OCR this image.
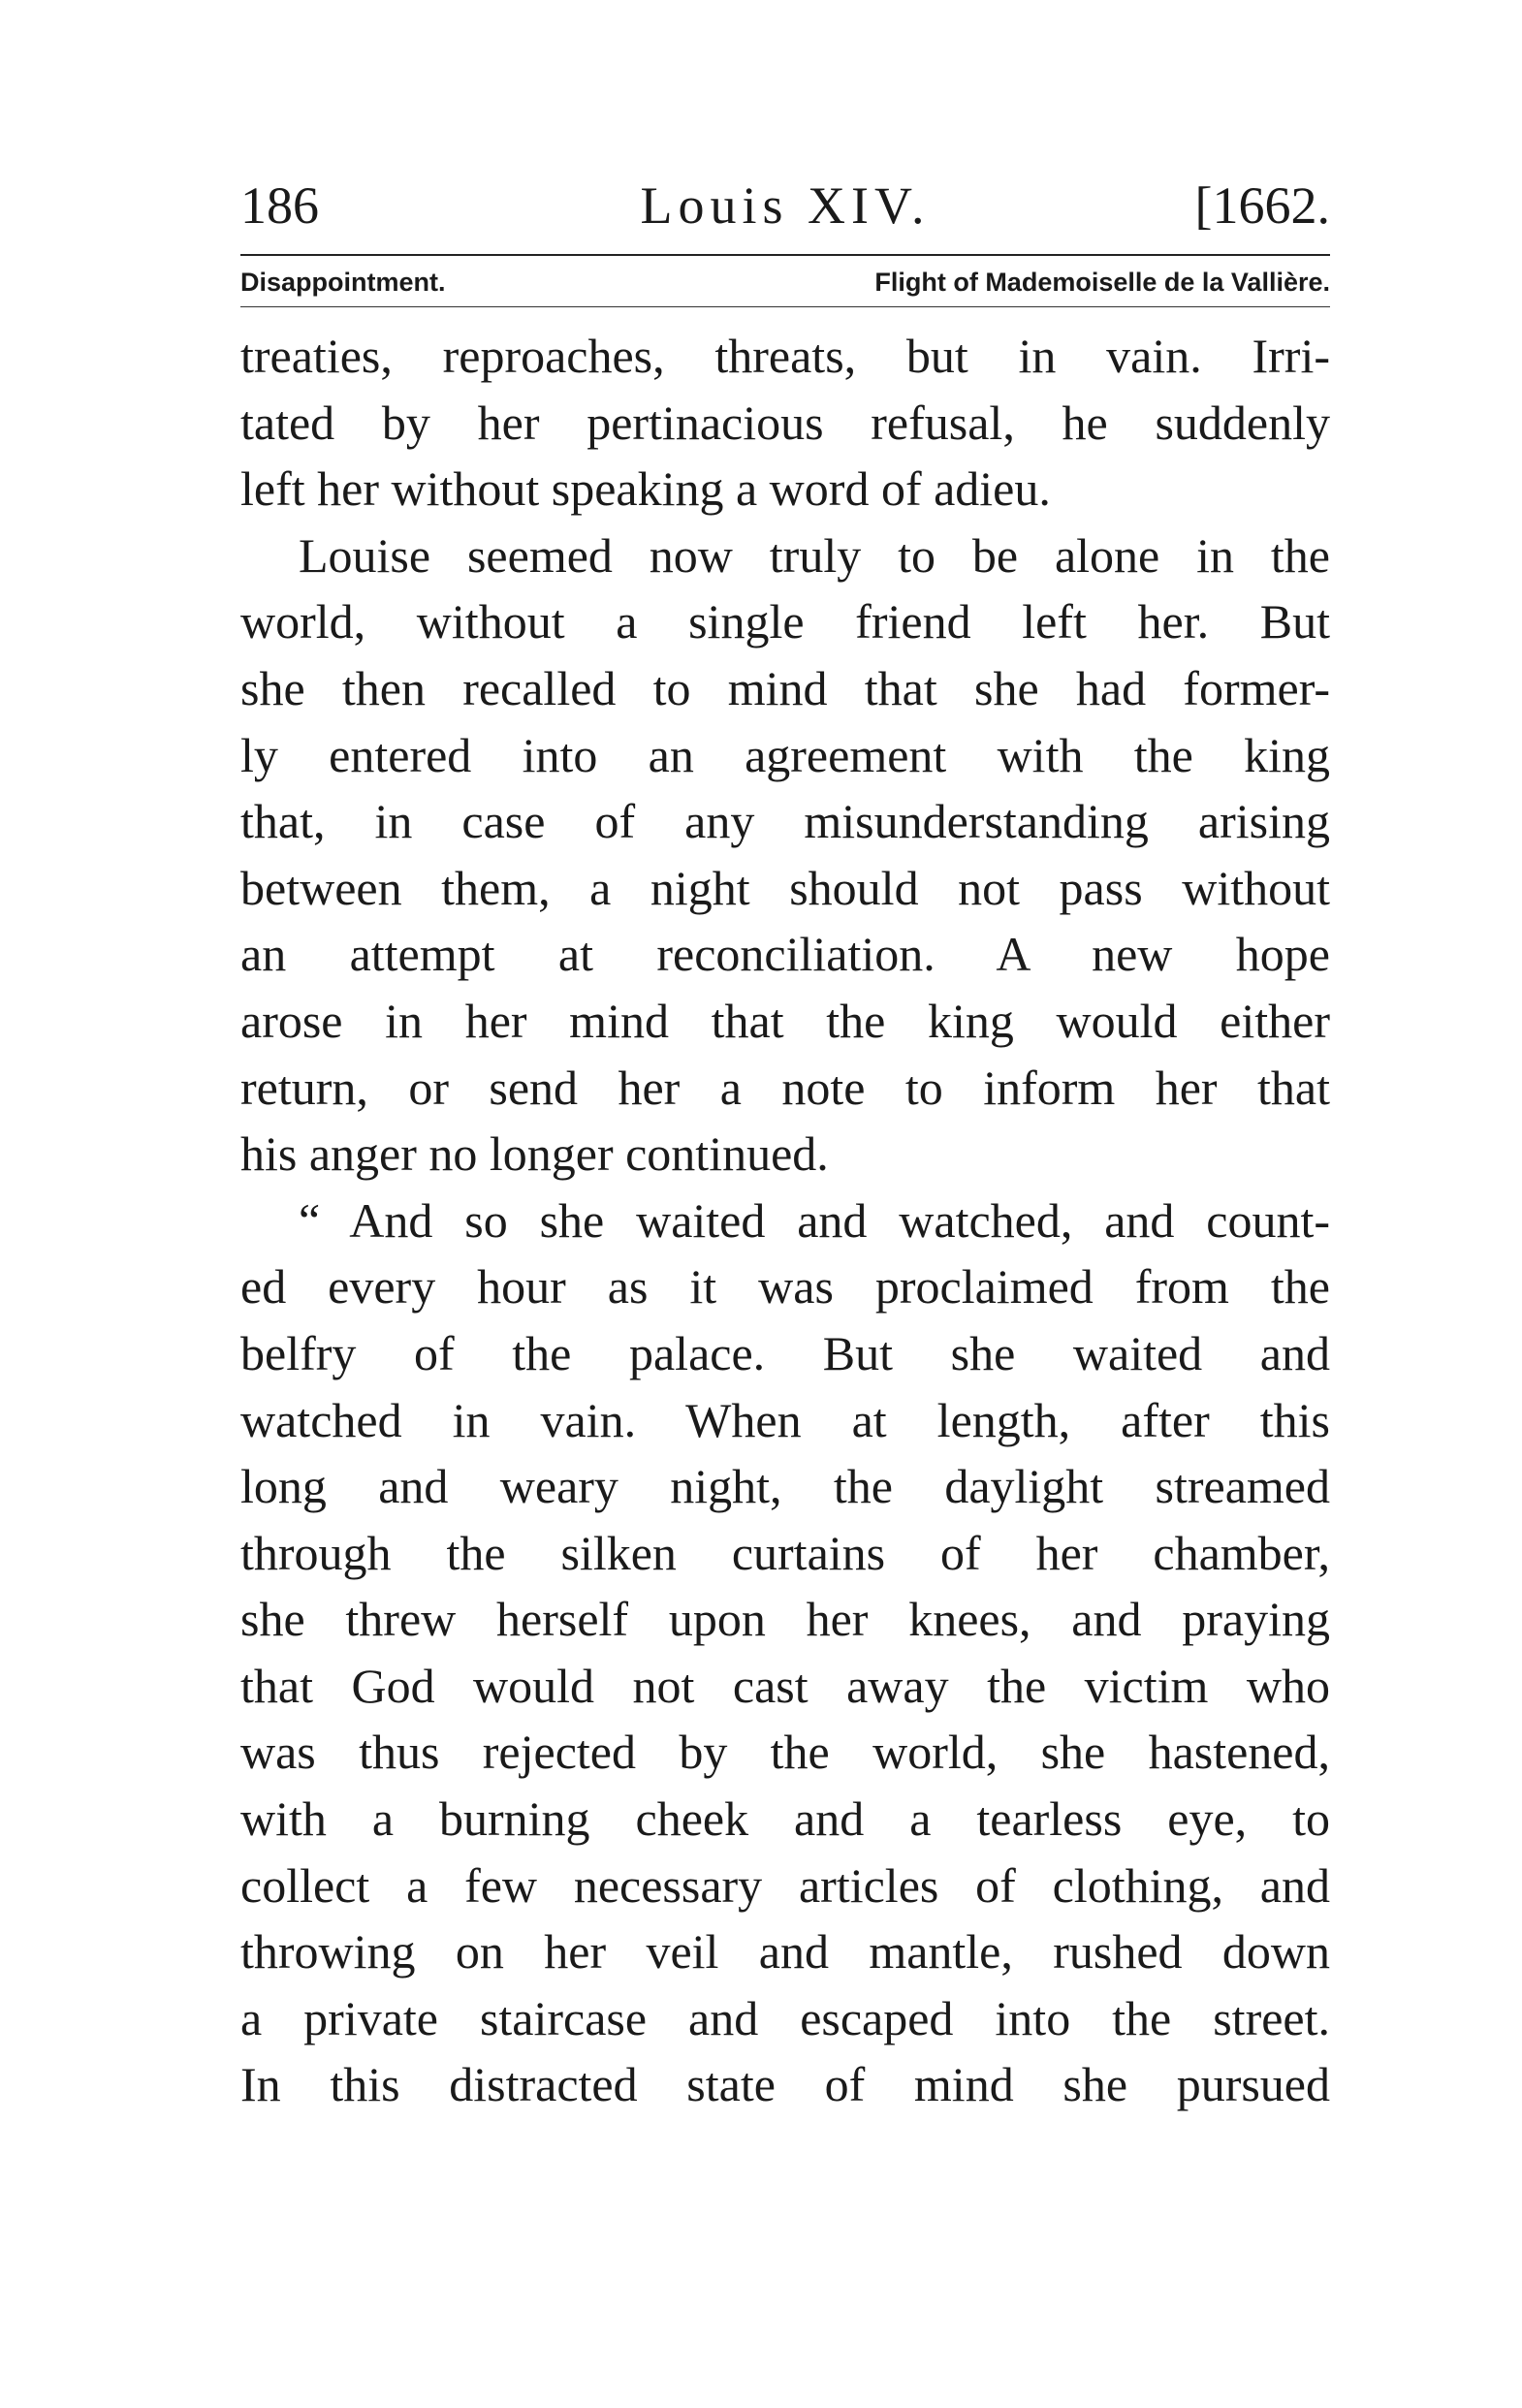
186	Louis XIV.	[1662.
Disappointment.	Flight of Mademoiselle de la Vallière.
treaties, reproaches, threats, but in vain. Irri-
tated by her pertinacious refusal, he suddenly
left her without speaking a word of adieu.
Louise seemed now truly to be alone in the
world, without a single friend left her. But
she then recalled to mind that she had former-
ly entered into an agreement with the king
that, in case of any misunderstanding arising
between them, a night should not pass without
an attempt at reconciliation. A new hope
arose in her mind that the king would either
return, or send her a note to inform her that
his anger no longer continued.
“ And so she waited and watched, and count-
ed every hour as it was proclaimed from the
belfry of the palace. But she waited and
watched in vain. When at length, after this
long and weary night, the daylight streamed
through the silken curtains of her chamber,
she threw herself upon her knees, and praying
that God would not cast away the victim who
was thus rejected by the world, she hastened,
with a burning cheek and a tearless eye, to
collect a few necessary articles of clothing, and
throwing on her veil and mantle, rushed down
a private staircase and escaped into the street.
In this distracted state of mind she pursued
